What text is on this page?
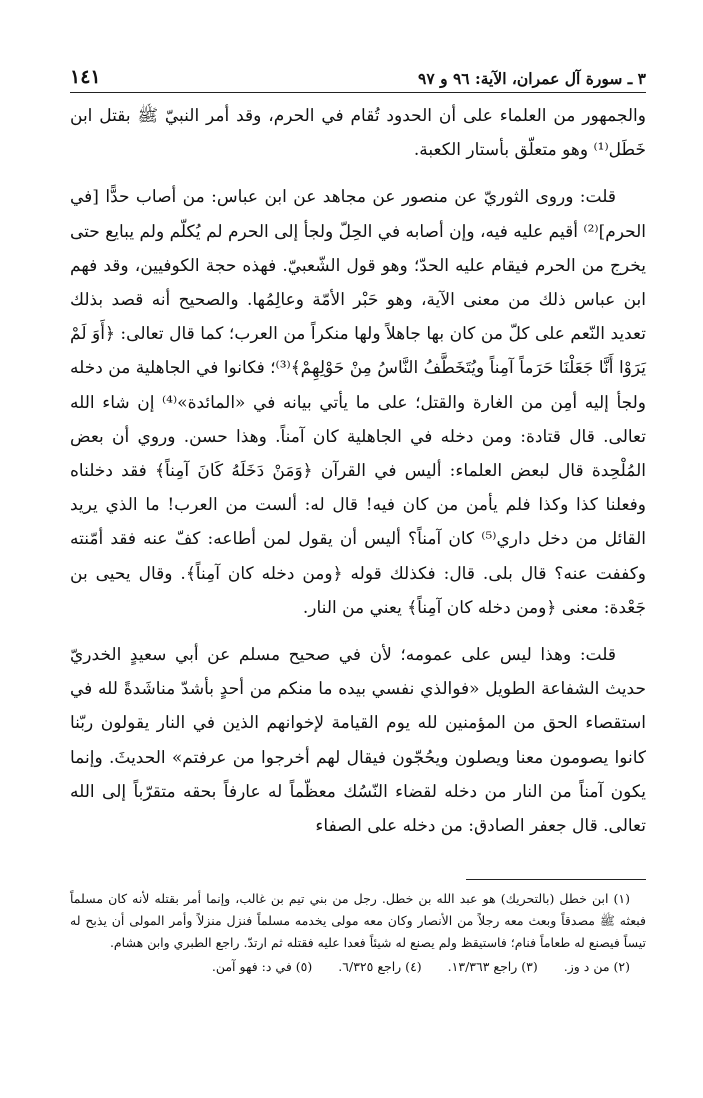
٣ ـ سورة آل عمران، الآية: ٩٦ و ٩٧
١٤١

والجمهور من العلماء على أن الحدود تُقام في الحرم، وقد أمر النبيّ ﷺ بقتل ابن خَطَل⁽¹⁾ وهو متعلّق بأستار الكعبة.

قلت: وروى الثوريّ عن منصور عن مجاهد عن ابن عباس: من أصاب حدًّا [في الحرم]⁽²⁾ أقيم عليه فيه، وإن أصابه في الحِلّ ولجأ إلى الحرم لم يُكلّم ولم يبايع حتى يخرج من الحرم فيقام عليه الحدّ؛ وهو قول الشّعبيّ. فهذه حجة الكوفيين، وقد فهم ابن عباس ذلك من معنى الآية، وهو حَبْر الأمّة وعالِمُها. والصحيح أنه قصد بذلك تعديد النّعم على كلّ من كان بها جاهلاً ولها منكراً من العرب؛ كما قال تعالى: ﴿أَوَ لَمْ يَرَوْا أَنَّا جَعَلْنَا حَرَماً آمِناً ويُتَخَطَّفُ النَّاسُ مِنْ حَوْلِهِمْ﴾⁽³⁾؛ فكانوا في الجاهلية من دخله ولجأ إليه أمِن من الغارة والقتل؛ على ما يأتي بيانه في «المائدة»⁽⁴⁾ إن شاء الله تعالى. قال قتادة: ومن دخله في الجاهلية كان آمناً. وهذا حسن. وروي أن بعض المُلْحِدة قال لبعض العلماء: أليس في القرآن ﴿وَمَنْ دَخَلَهُ كَانَ آمِناً﴾ فقد دخلناه وفعلنا كذا وكذا فلم يأمن من كان فيه! قال له: ألست من العرب! ما الذي يريد القائل من دخل داري⁽⁵⁾ كان آمناً؟ أليس أن يقول لمن أطاعه: كفّ عنه فقد أمّنته وكففت عنه؟ قال بلى. قال: فكذلك قوله ﴿ومن دخله كان آمِناً﴾. وقال يحيى بن جَعْدة: معنى ﴿ومن دخله كان آمِناً﴾ يعني من النار.

قلت: وهذا ليس على عمومه؛ لأن في صحيح مسلم عن أبي سعيدٍ الخدريّ حديث الشفاعة الطويل «فوالذي نفسي بيده ما منكم من أحدٍ بأشدّ مناشَدةً لله في استقصاء الحق من المؤمنين لله يوم القيامة لإخوانهم الذين في النار يقولون ربّنا كانوا يصومون معنا ويصلون ويحُجّون فيقال لهم أخرجوا من عرفتم» الحديثَ. وإنما يكون آمناً من النار من دخله لقضاء النّسُك معظّماً له عارفاً بحقه متقرّباً إلى الله تعالى. قال جعفر الصادق: من دخله على الصفاء

(١) ابن خطل (بالتحريك) هو عبد الله بن خطل. رجل من بني تيم بن غالب، وإنما أمر بقتله لأنه كان مسلماً فبعثه ﷺ مصدقاً وبعث معه رجلاً من الأنصار وكان معه مولى يخدمه مسلماً فنزل منزلاً وأمر المولى أن يذبح له تيساً فيصنع له طعاماً فنام؛ فاستيقظ ولم يصنع له شيئاً فعدا عليه فقتله ثم ارتدّ. راجع الطبري وابن هشام.

(٢) من د وز.
(٣) راجع ١٣/٣٦٣.
(٤) راجع ٦/٣٢٥.
(٥) في د: فهو آمن.
